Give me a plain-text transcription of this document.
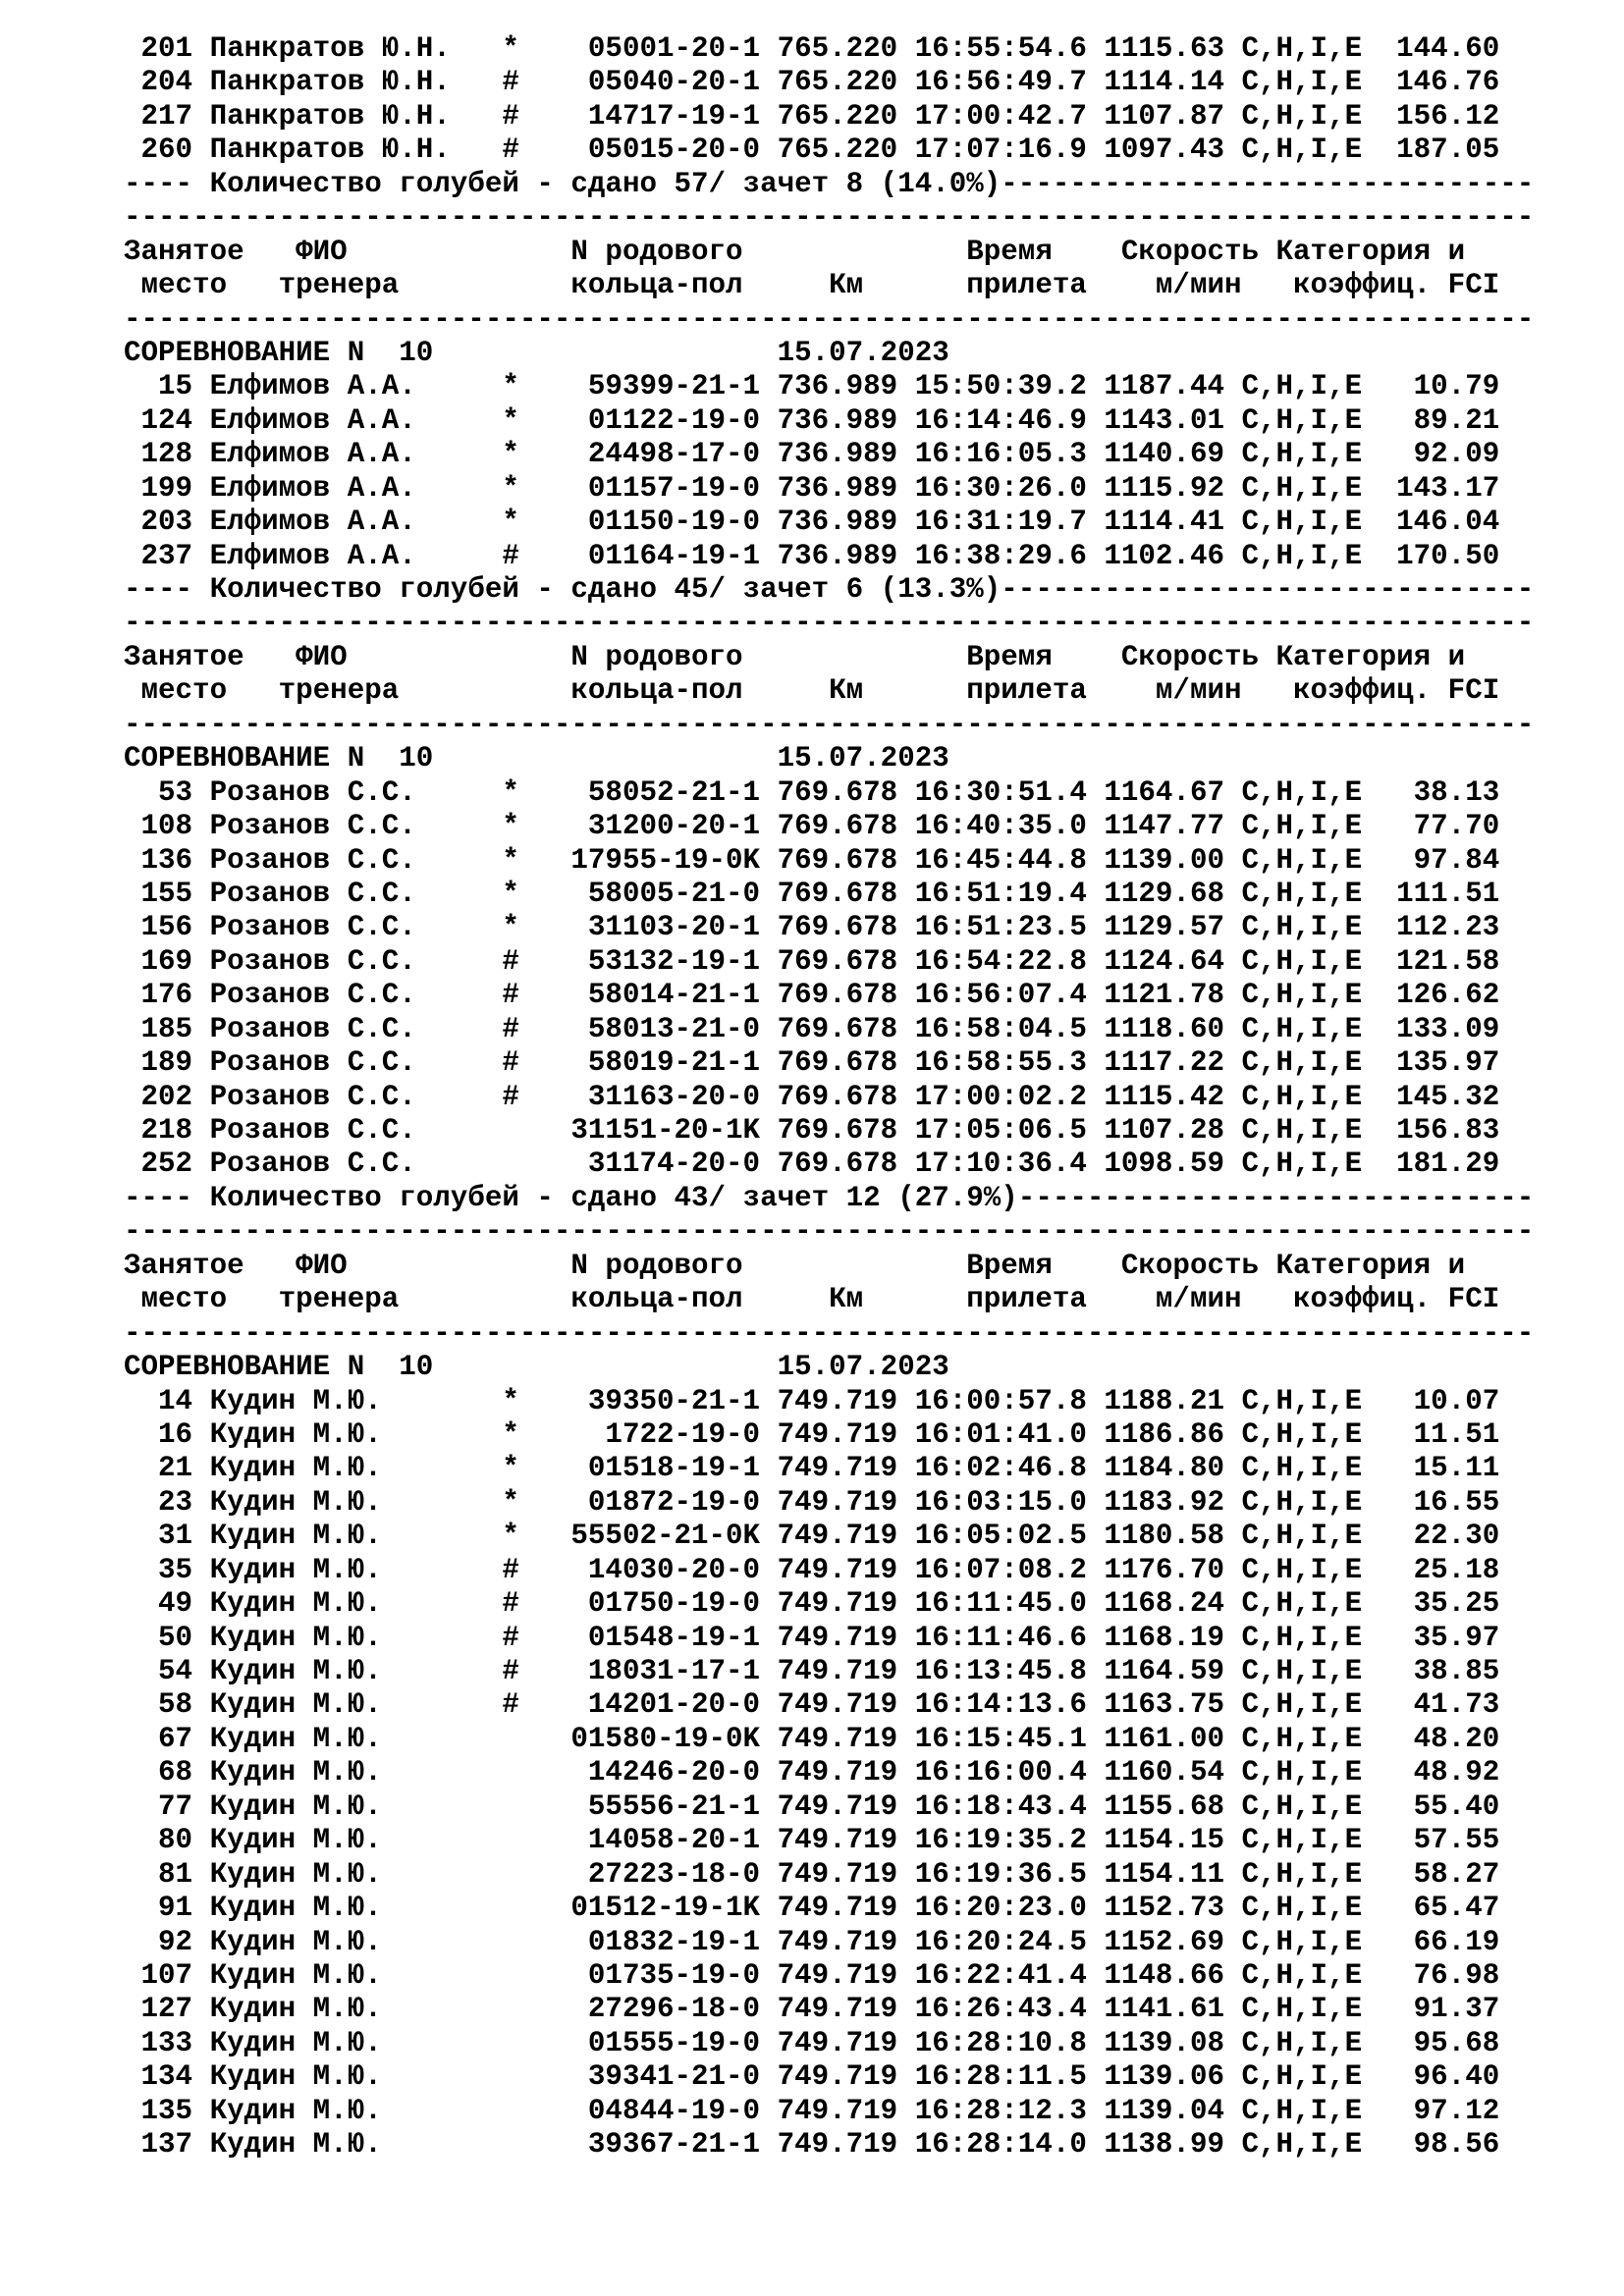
201 Панкратов Ю.Н.   *    05001-20-1 765.220 16:55:54.6 1115.63 C,H,I,E  144.60
204 Панкратов Ю.Н.   #    05040-20-1 765.220 16:56:49.7 1114.14 C,H,I,E  146.76
217 Панкратов Ю.Н.   #    14717-19-1 765.220 17:00:42.7 1107.87 C,H,I,E  156.12
260 Панкратов Ю.Н.   #    05015-20-0 765.220 17:07:16.9 1097.43 C,H,I,E  187.05
---- Количество голубей - сдано 57/ зачет 8 (14.0%)-------------------------------
----------------------------------------------------------------------------------
Занятое   ФИО             N родового             Время    Скорость Категория и
место   тренера          кольца-пол     Км      прилета    м/мин   коэффиц. FCI
----------------------------------------------------------------------------------
СОРЕВНОВАНИЕ N  10                    15.07.2023
15 Елфимов А.А.     *    59399-21-1 736.989 15:50:39.2 1187.44 C,H,I,E   10.79
124 Елфимов А.А.     *    01122-19-0 736.989 16:14:46.9 1143.01 C,H,I,E   89.21
128 Елфимов А.А.     *    24498-17-0 736.989 16:16:05.3 1140.69 C,H,I,E   92.09
199 Елфимов А.А.     *    01157-19-0 736.989 16:30:26.0 1115.92 C,H,I,E  143.17
203 Елфимов А.А.     *    01150-19-0 736.989 16:31:19.7 1114.41 C,H,I,E  146.04
237 Елфимов А.А.     #    01164-19-1 736.989 16:38:29.6 1102.46 C,H,I,E  170.50
---- Количество голубей - сдано 45/ зачет 6 (13.3%)-------------------------------
----------------------------------------------------------------------------------
Занятое   ФИО             N родового             Время    Скорость Категория и
место   тренера          кольца-пол     Км      прилета    м/мин   коэффиц. FCI
----------------------------------------------------------------------------------
СОРЕВНОВАНИЕ N  10                    15.07.2023
53 Розанов С.С.     *    58052-21-1 769.678 16:30:51.4 1164.67 C,H,I,E   38.13
108 Розанов С.С.     *    31200-20-1 769.678 16:40:35.0 1147.77 C,H,I,E   77.70
136 Розанов С.С.     *   17955-19-0K 769.678 16:45:44.8 1139.00 C,H,I,E   97.84
155 Розанов С.С.     *    58005-21-0 769.678 16:51:19.4 1129.68 C,H,I,E  111.51
156 Розанов С.С.     *    31103-20-1 769.678 16:51:23.5 1129.57 C,H,I,E  112.23
169 Розанов С.С.     #    53132-19-1 769.678 16:54:22.8 1124.64 C,H,I,E  121.58
176 Розанов С.С.     #    58014-21-1 769.678 16:56:07.4 1121.78 C,H,I,E  126.62
185 Розанов С.С.     #    58013-21-0 769.678 16:58:04.5 1118.60 C,H,I,E  133.09
189 Розанов С.С.     #    58019-21-1 769.678 16:58:55.3 1117.22 C,H,I,E  135.97
202 Розанов С.С.     #    31163-20-0 769.678 17:00:02.2 1115.42 C,H,I,E  145.32
218 Розанов С.С.         31151-20-1K 769.678 17:05:06.5 1107.28 C,H,I,E  156.83
252 Розанов С.С.          31174-20-0 769.678 17:10:36.4 1098.59 C,H,I,E  181.29
---- Количество голубей - сдано 43/ зачет 12 (27.9%)------------------------------
----------------------------------------------------------------------------------
Занятое   ФИО             N родового             Время    Скорость Категория и
место   тренера          кольца-пол     Км      прилета    м/мин   коэффиц. FCI
----------------------------------------------------------------------------------
СОРЕВНОВАНИЕ N  10                    15.07.2023
14 Кудин М.Ю.       *    39350-21-1 749.719 16:00:57.8 1188.21 C,H,I,E   10.07
16 Кудин М.Ю.       *     1722-19-0 749.719 16:01:41.0 1186.86 C,H,I,E   11.51
21 Кудин М.Ю.       *    01518-19-1 749.719 16:02:46.8 1184.80 C,H,I,E   15.11
23 Кудин М.Ю.       *    01872-19-0 749.719 16:03:15.0 1183.92 C,H,I,E   16.55
31 Кудин М.Ю.       *   55502-21-0K 749.719 16:05:02.5 1180.58 C,H,I,E   22.30
35 Кудин М.Ю.       #    14030-20-0 749.719 16:07:08.2 1176.70 C,H,I,E   25.18
49 Кудин М.Ю.       #    01750-19-0 749.719 16:11:45.0 1168.24 C,H,I,E   35.25
50 Кудин М.Ю.       #    01548-19-1 749.719 16:11:46.6 1168.19 C,H,I,E   35.97
54 Кудин М.Ю.       #    18031-17-1 749.719 16:13:45.8 1164.59 C,H,I,E   38.85
58 Кудин М.Ю.       #    14201-20-0 749.719 16:14:13.6 1163.75 C,H,I,E   41.73
67 Кудин М.Ю.           01580-19-0K 749.719 16:15:45.1 1161.00 C,H,I,E   48.20
68 Кудин М.Ю.            14246-20-0 749.719 16:16:00.4 1160.54 C,H,I,E   48.92
77 Кудин М.Ю.            55556-21-1 749.719 16:18:43.4 1155.68 C,H,I,E   55.40
80 Кудин М.Ю.            14058-20-1 749.719 16:19:35.2 1154.15 C,H,I,E   57.55
81 Кудин М.Ю.            27223-18-0 749.719 16:19:36.5 1154.11 C,H,I,E   58.27
91 Кудин М.Ю.           01512-19-1K 749.719 16:20:23.0 1152.73 C,H,I,E   65.47
92 Кудин М.Ю.            01832-19-1 749.719 16:20:24.5 1152.69 C,H,I,E   66.19
107 Кудин М.Ю.            01735-19-0 749.719 16:22:41.4 1148.66 C,H,I,E   76.98
127 Кудин М.Ю.            27296-18-0 749.719 16:26:43.4 1141.61 C,H,I,E   91.37
133 Кудин М.Ю.            01555-19-0 749.719 16:28:10.8 1139.08 C,H,I,E   95.68
134 Кудин М.Ю.            39341-21-0 749.719 16:28:11.5 1139.06 C,H,I,E   96.40
135 Кудин М.Ю.            04844-19-0 749.719 16:28:12.3 1139.04 C,H,I,E   97.12
137 Кудин М.Ю.            39367-21-1 749.719 16:28:14.0 1138.99 C,H,I,E   98.56
